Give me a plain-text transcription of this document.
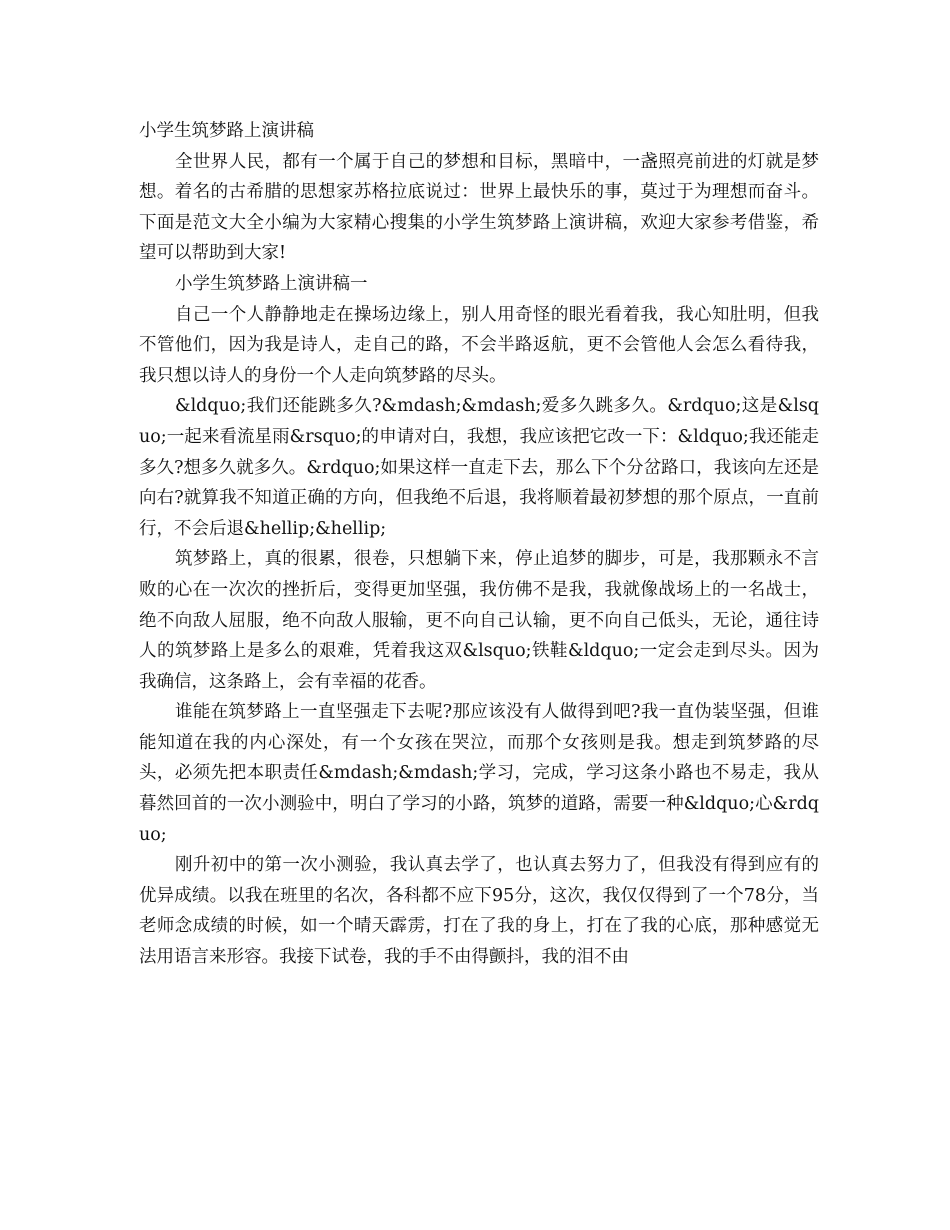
小学生筑梦路上演讲稿

全世界人民，都有一个属于自己的梦想和目标，黑暗中，一盏照亮前进的灯就是梦想。着名的古希腊的思想家苏格拉底说过：世界上最快乐的事，莫过于为理想而奋斗。下面是范文大全小编为大家精心搜集的小学生筑梦路上演讲稿，欢迎大家参考借鉴，希望可以帮助到大家!

小学生筑梦路上演讲稿一

自己一个人静静地走在操场边缘上，别人用奇怪的眼光看着我，我心知肚明，但我不管他们，因为我是诗人，走自己的路，不会半路返航，更不会管他人会怎么看待我，我只想以诗人的身份一个人走向筑梦路的尽头。

&ldquo;我们还能跳多久?&mdash;&mdash;爱多久跳多久。&rdquo;这是&lsquo;一起来看流星雨&rsquo;的申请对白，我想，我应该把它改一下：&ldquo;我还能走多久?想多久就多久。&rdquo;如果这样一直走下去，那么下个分岔路口，我该向左还是向右?就算我不知道正确的方向，但我绝不后退，我将顺着最初梦想的那个原点，一直前行，不会后退&hellip;&hellip;

筑梦路上，真的很累，很卷，只想躺下来，停止追梦的脚步，可是，我那颗永不言败的心在一次次的挫折后，变得更加坚强，我仿佛不是我，我就像战场上的一名战士，绝不向敌人屈服，绝不向敌人服输，更不向自己认输，更不向自己低头，无论，通往诗人的筑梦路上是多么的艰难，凭着我这双&lsquo;铁鞋&ldquo;一定会走到尽头。因为我确信，这条路上，会有幸福的花香。

谁能在筑梦路上一直坚强走下去呢?那应该没有人做得到吧?我一直伪装坚强，但谁能知道在我的内心深处，有一个女孩在哭泣，而那个女孩则是我。想走到筑梦路的尽头，必须先把本职责任&mdash;&mdash;学习，完成，学习这条小路也不易走，我从暮然回首的一次小测验中，明白了学习的小路，筑梦的道路，需要一种&ldquo;心&rdquo;

刚升初中的第一次小测验，我认真去学了，也认真去努力了，但我没有得到应有的优异成绩。以我在班里的名次，各科都不应下95分，这次，我仅仅得到了一个78分，当老师念成绩的时候，如一个晴天霹雳，打在了我的身上，打在了我的心底，那种感觉无法用语言来形容。我接下试卷，我的手不由得颤抖，我的泪不由
